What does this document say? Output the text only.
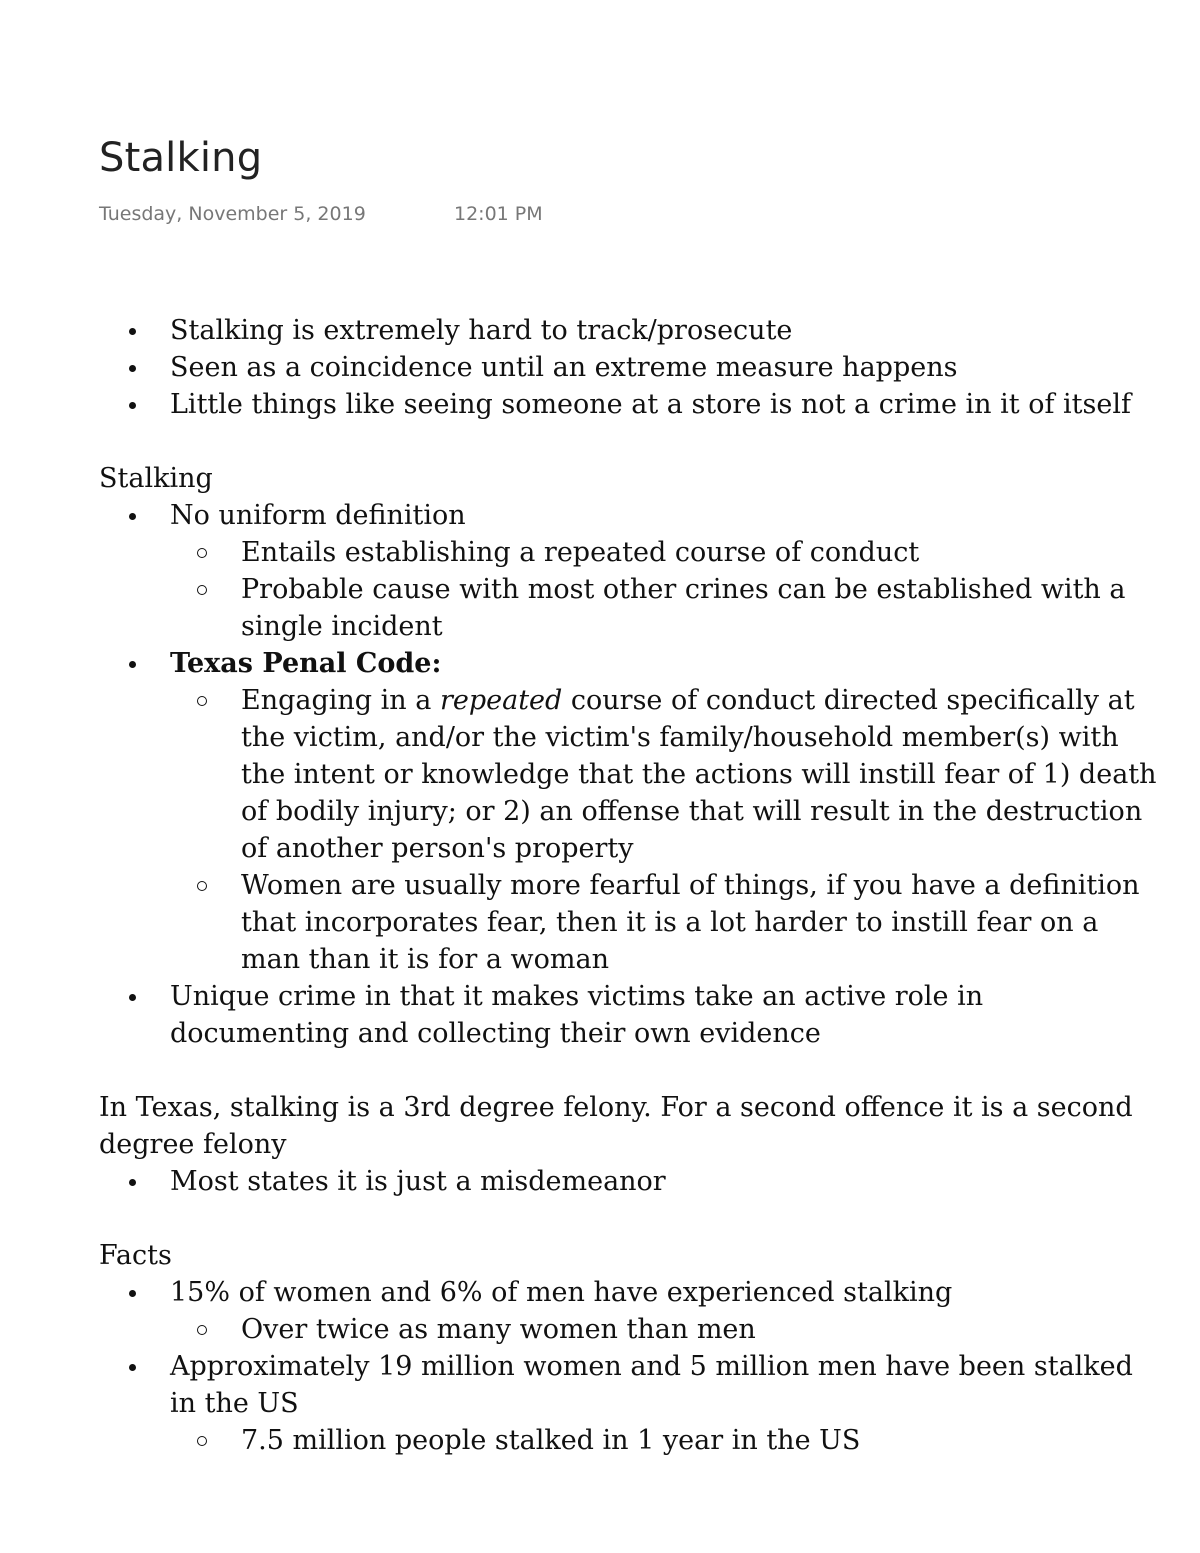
Stalking
Tuesday, November 5, 2019	12:01 PM
Stalking is extremely hard to track/prosecute
Seen as a coincidence until an extreme measure happens
Little things like seeing someone at a store is not a crime in it of itself

Stalking

No uniform definition
Entails establishing a repeated course of conduct
Probable cause with most other crines can be established with a single incident
Texas Penal Code:
Engaging in a repeated course of conduct directed specifically at the victim, and/or the victim's family/household member(s) with the intent or knowledge that the actions will instill fear of 1) death of bodily injury; or 2) an offense that will result in the destruction of another person's property
Women are usually more fearful of things, if you have a definition that incorporates fear, then it is a lot harder to instill fear on a man than it is for a woman
Unique crime in that it makes victims take an active role in documenting and collecting their own evidence

In Texas, stalking is a 3rd degree felony. For a second offence it is a second degree felony

Most states it is just a misdemeanor

Facts

15% of women and 6% of men have experienced stalking
Over twice as many women than men
Approximately 19 million women and 5 million men have been stalked in the US
7.5 million people stalked in 1 year in the US
